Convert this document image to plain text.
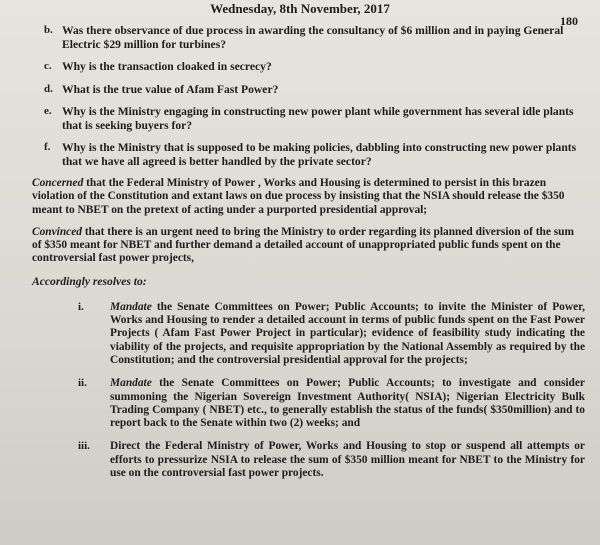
Wednesday, 8th November, 2017
180
b. Was there observance of due process in awarding the consultancy of $6 million and in paying General Electric $29 million for turbines?
c. Why is the transaction cloaked in secrecy?
d. What is the true value of Afam Fast Power?
e. Why is the Ministry engaging in constructing new power plant while government has several idle plants that is seeking buyers for?
f. Why is the Ministry that is supposed to be making policies, dabbling into constructing new power plants that we have all agreed is better handled by the private sector?
Concerned that the Federal Ministry of Power , Works and Housing is determined to persist in this brazen violation of the Constitution and extant laws on due process by insisting that the NSIA should release the $350 meant to NBET on the pretext of acting under a purported presidential approval;
Convinced that there is an urgent need to bring the Ministry to order regarding its planned diversion of the sum of $350 meant for NBET and further demand a detailed account of unappropriated public funds spent on the controversial fast power projects,
Accordingly resolves to:
i. Mandate the Senate Committees on Power; Public Accounts; to invite the Minister of Power, Works and Housing to render a detailed account in terms of public funds spent on the Fast Power Projects ( Afam Fast Power Project in particular); evidence of feasibility study indicating the viability of the projects, and requisite appropriation by the National Assembly as required by the Constitution; and the controversial presidential approval for the projects;
ii. Mandate the Senate Committees on Power; Public Accounts; to investigate and consider summoning the Nigerian Sovereign Investment Authority( NSIA); Nigerian Electricity Bulk Trading Company ( NBET) etc., to generally establish the status of the funds( $350million) and to report back to the Senate within two (2) weeks; and
iii. Direct the Federal Ministry of Power, Works and Housing to stop or suspend all attempts or efforts to pressurize NSIA to release the sum of $350 million meant for NBET to the Ministry for use on the controversial fast power projects.
